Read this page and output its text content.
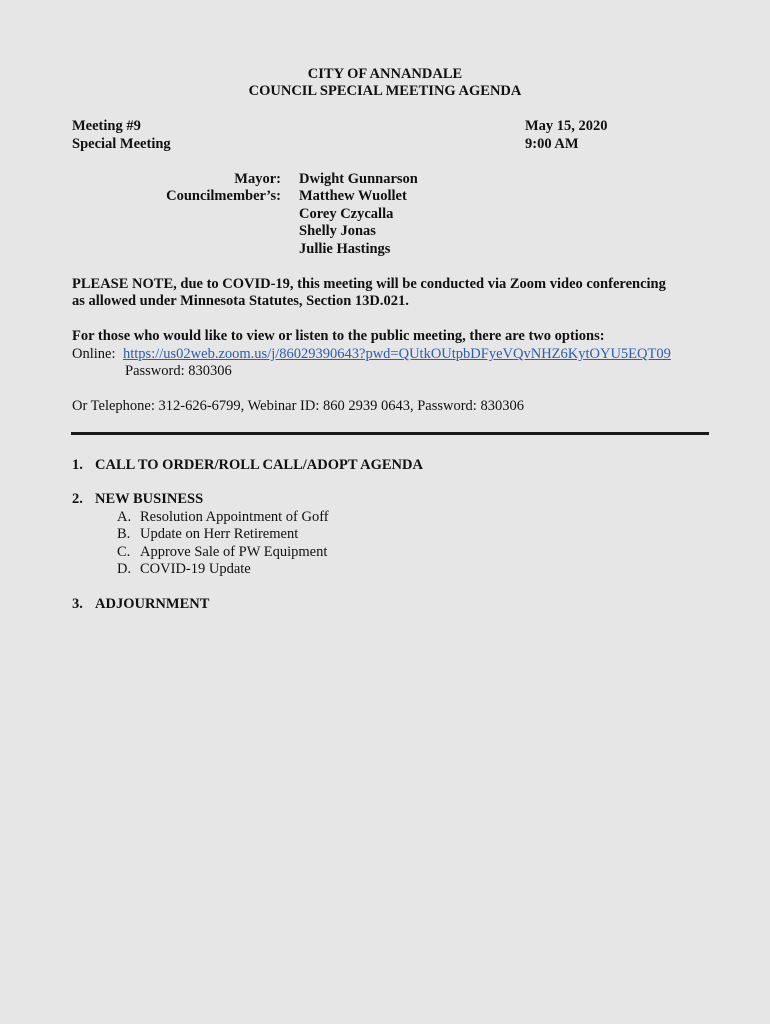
CITY OF ANNANDALE
COUNCIL SPECIAL MEETING AGENDA
Meeting #9
Special Meeting
May 15, 2020
9:00 AM
Mayor:
Councilmember’s:
Dwight Gunnarson
Matthew Wuollet
Corey Czycalla
Shelly Jonas
Jullie Hastings
PLEASE NOTE, due to COVID-19, this meeting will be conducted via Zoom video conferencing
as allowed under Minnesota Statutes, Section 13D.021.
For those who would like to view or listen to the public meeting, there are two options:
Online: https://us02web.zoom.us/j/86029390643?pwd=QUtkOUtpbDFyeVQvNHZ6KytOYU5EQT09
Password: 830306
Or Telephone: 312-626-6799, Webinar ID: 860 2939 0643, Password: 830306
1. CALL TO ORDER/ROLL CALL/ADOPT AGENDA
2. NEW BUSINESS
A. Resolution Appointment of Goff
B. Update on Herr Retirement
C. Approve Sale of PW Equipment
D. COVID-19 Update
3. ADJOURNMENT
